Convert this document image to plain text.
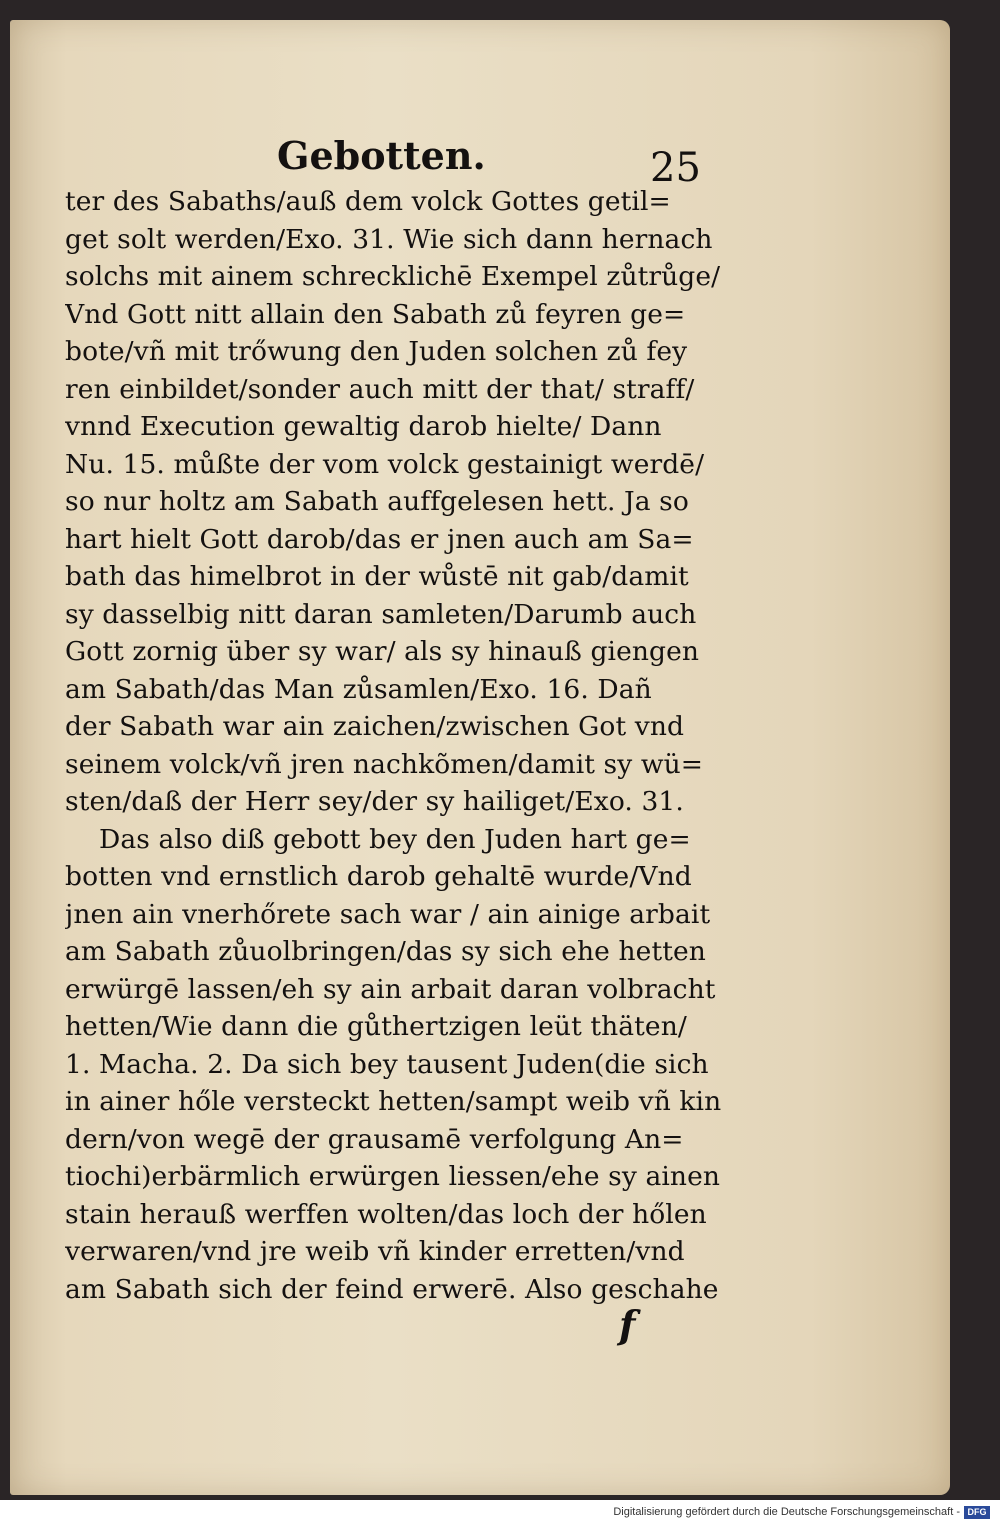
Gebotten.	25
ter des Sabaths/auß dem volck Gottes getil=
get solt werden/Exo. 31. Wie sich dann hernach
solchs mit ainem schrecklichē Exempel zůtrůge/
Vnd Gott nitt allain den Sabath zů feyren ge=
bote/vñ mit trőwung den Juden solchen zů fey
ren einbildet/sonder auch mitt der that/ straff/
vnnd Execution gewaltig darob hielte/ Dann
Nu. 15. můßte der vom volck gestainigt werdē/
so nur holtz am Sabath auffgelesen hett. Ja so
hart hielt Gott darob/das er jnen auch am Sa=
bath das himelbrot in der wůstē nit gab/damit
sy dasselbig nitt daran samleten/Darumb auch
Gott zornig über sy war/ als sy hinauß giengen
am Sabath/das Man zůsamlen/Exo. 16. Dañ
der Sabath war ain zaichen/zwischen Got vnd
seinem volck/vñ jren nachkõmen/damit sy wü=
sten/daß der Herr sey/der sy hailiget/Exo. 31.
Das also diß gebott bey den Juden hart ge=
botten vnd ernstlich darob gehaltē wurde/Vnd
jnen ain vnerhőrete sach war / ain ainige arbait
am Sabath zůuolbringen/das sy sich ehe hetten
erwürgē lassen/eh sy ain arbait daran volbracht
hetten/Wie dann die gůthertzigen leüt thäten/
1. Macha. 2. Da sich bey tausent Juden(die sich
in ainer hőle versteckt hetten/sampt weib vñ kin
dern/von wegē der grausamē verfolgung An=
tiochi)erbärmlich erwürgen liessen/ehe sy ainen
stain herauß werffen wolten/das loch der hőlen
verwaren/vnd jre weib vñ kinder erretten/vnd
am Sabath sich der feind erwerē. Also geschahe
f
Digitalisierung gefördert durch die Deutsche Forschungsgemeinschaft - DFG
